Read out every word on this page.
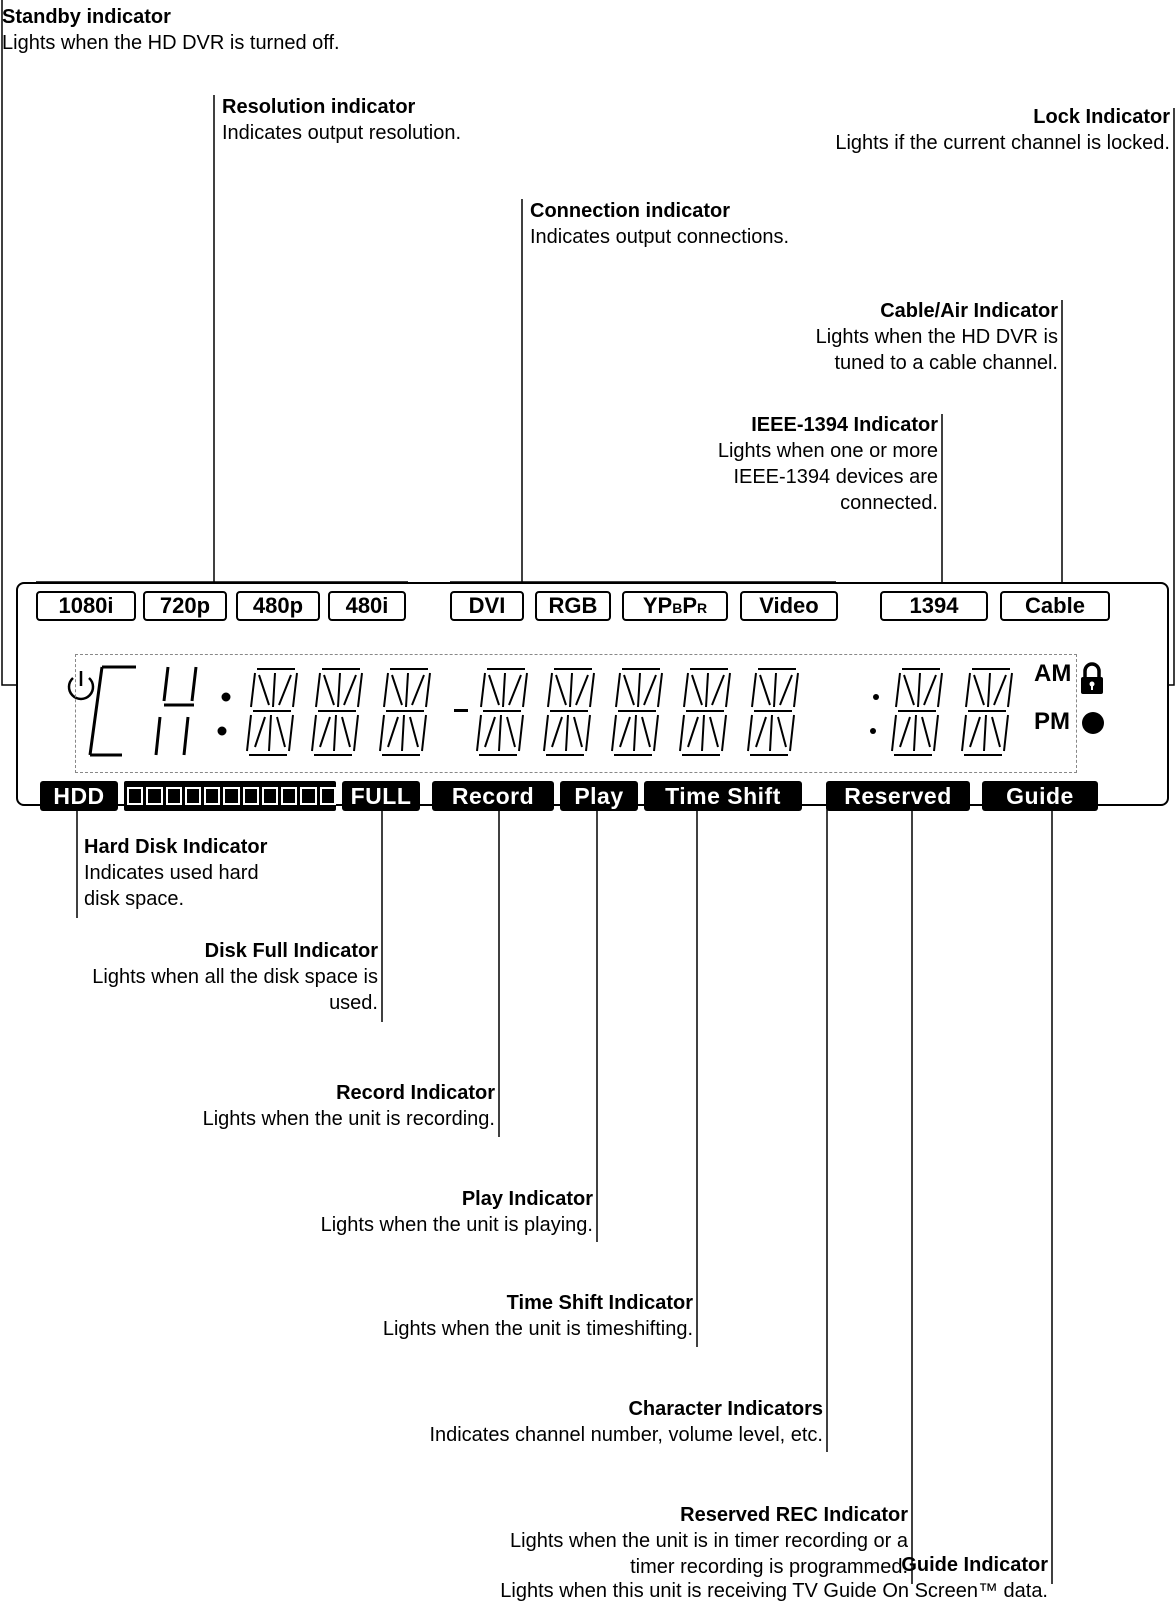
Standby indicator
Lights when the HD DVR is turned off.
Resolution indicator
Indicates output resolution.
Lock Indicator
Lights if the current channel is locked.
Connection indicator
Indicates output connections.
Cable/Air Indicator
Lights when the HD DVR is
tuned to a cable channel.
IEEE-1394 Indicator
Lights when one or more
IEEE-1394 devices are
connected.
Hard Disk Indicator
Indicates used hard
disk space.
Disk Full Indicator
Lights when all the disk space is
used.
Record Indicator
Lights when the unit is recording.
Play Indicator
Lights when the unit is playing.
Time Shift Indicator
Lights when the unit is timeshifting.
Character Indicators
Indicates channel number, volume level, etc.
Reserved REC Indicator
Lights when the unit is in timer recording or a
timer recording is programmed.
Guide Indicator
Lights when this unit is receiving TV Guide On Screen™ data.
1080i	720p	480p	480i	DVI	RGB	YPBPR	Video	1394	Cable
AM
PM
HDD	FULL	Record	Play	Time Shift	Reserved	Guide
